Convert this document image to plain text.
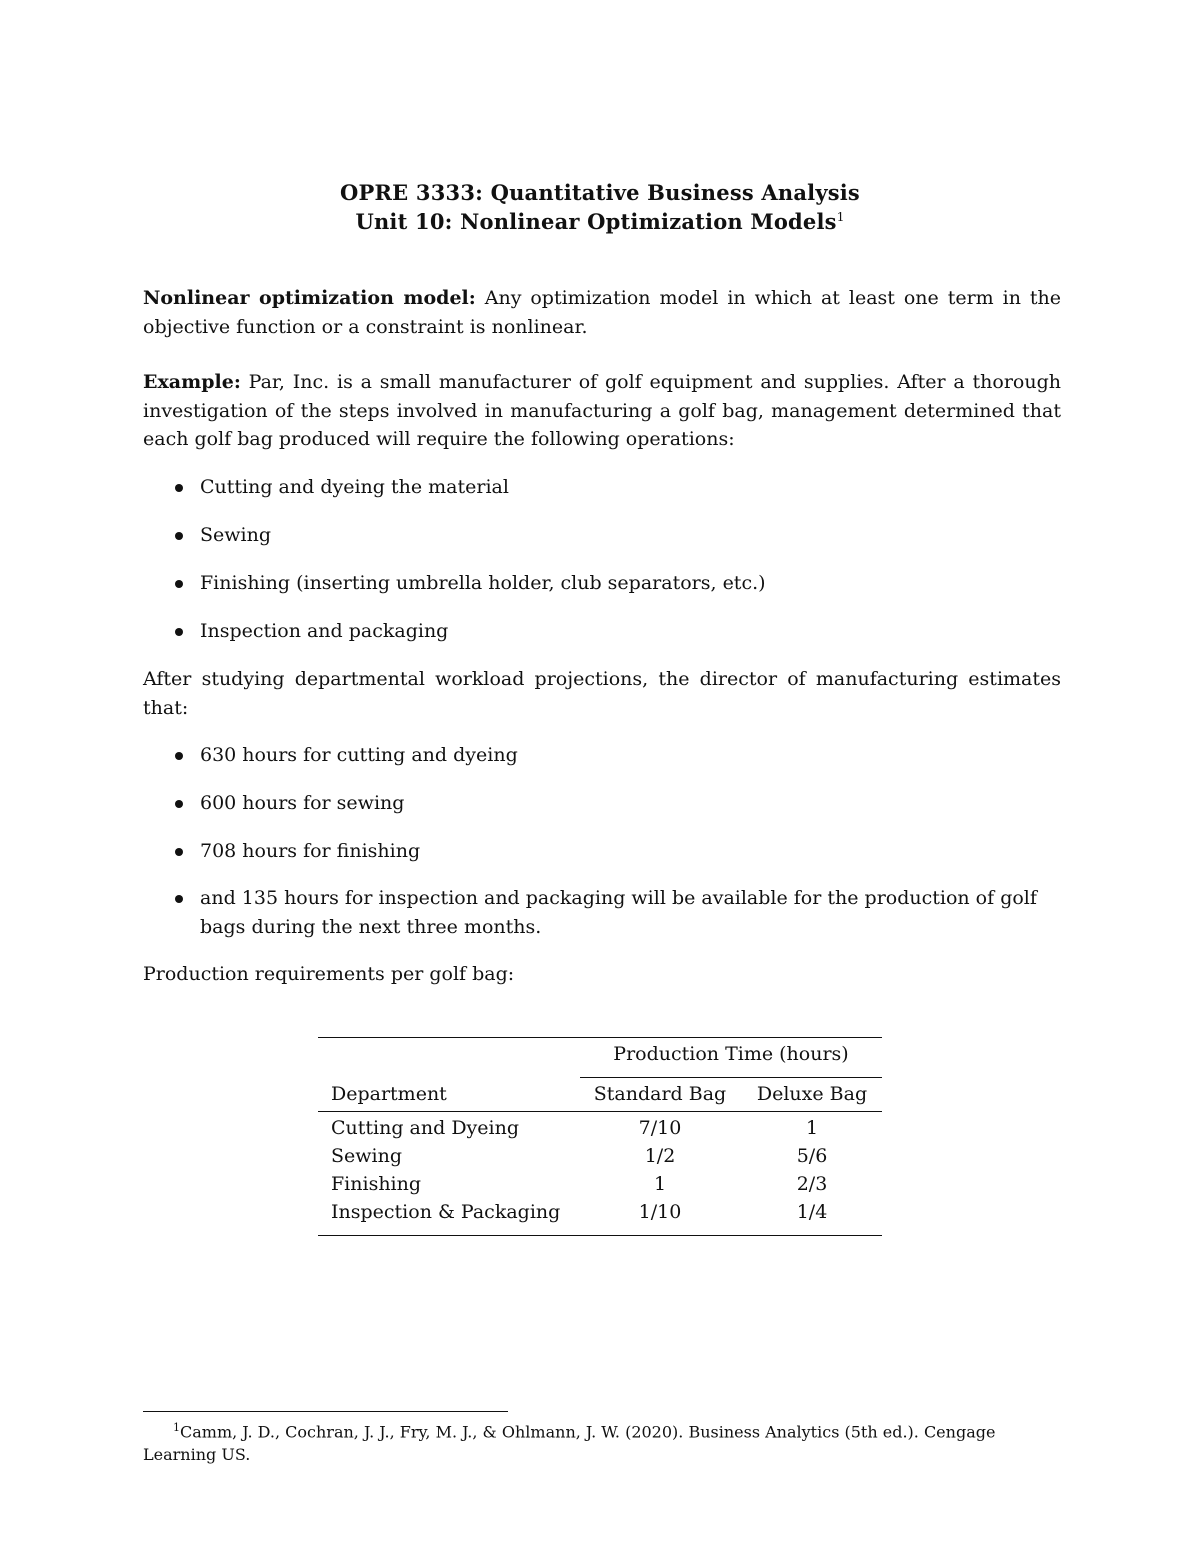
OPRE 3333: Quantitative Business Analysis
Unit 10: Nonlinear Optimization Models$^1$
Nonlinear optimization model: Any optimization model in which at least one term in the objective function or a constraint is nonlinear.
Example: Par, Inc. is a small manufacturer of golf equipment and supplies. After a thorough investigation of the steps involved in manufacturing a golf bag, management determined that each golf bag produced will require the following operations:
Cutting and dyeing the material
Sewing
Finishing (inserting umbrella holder, club separators, etc.)
Inspection and packaging
After studying departmental workload projections, the director of manufacturing estimates that:
630 hours for cutting and dyeing
600 hours for sewing
708 hours for finishing
and 135 hours for inspection and packaging will be available for the production of golf bags during the next three months.
Production requirements per golf bag:
Production Time (hours)
Department	Standard Bag	Deluxe Bag
Cutting and Dyeing	7/10	1
Sewing	1/2	5/6
Finishing	1	2/3
Inspection & Packaging	1/10	1/4
$^1$Camm, J. D., Cochran, J. J., Fry, M. J., & Ohlmann, J. W. (2020). Business Analytics (5th ed.). Cengage Learning US.
